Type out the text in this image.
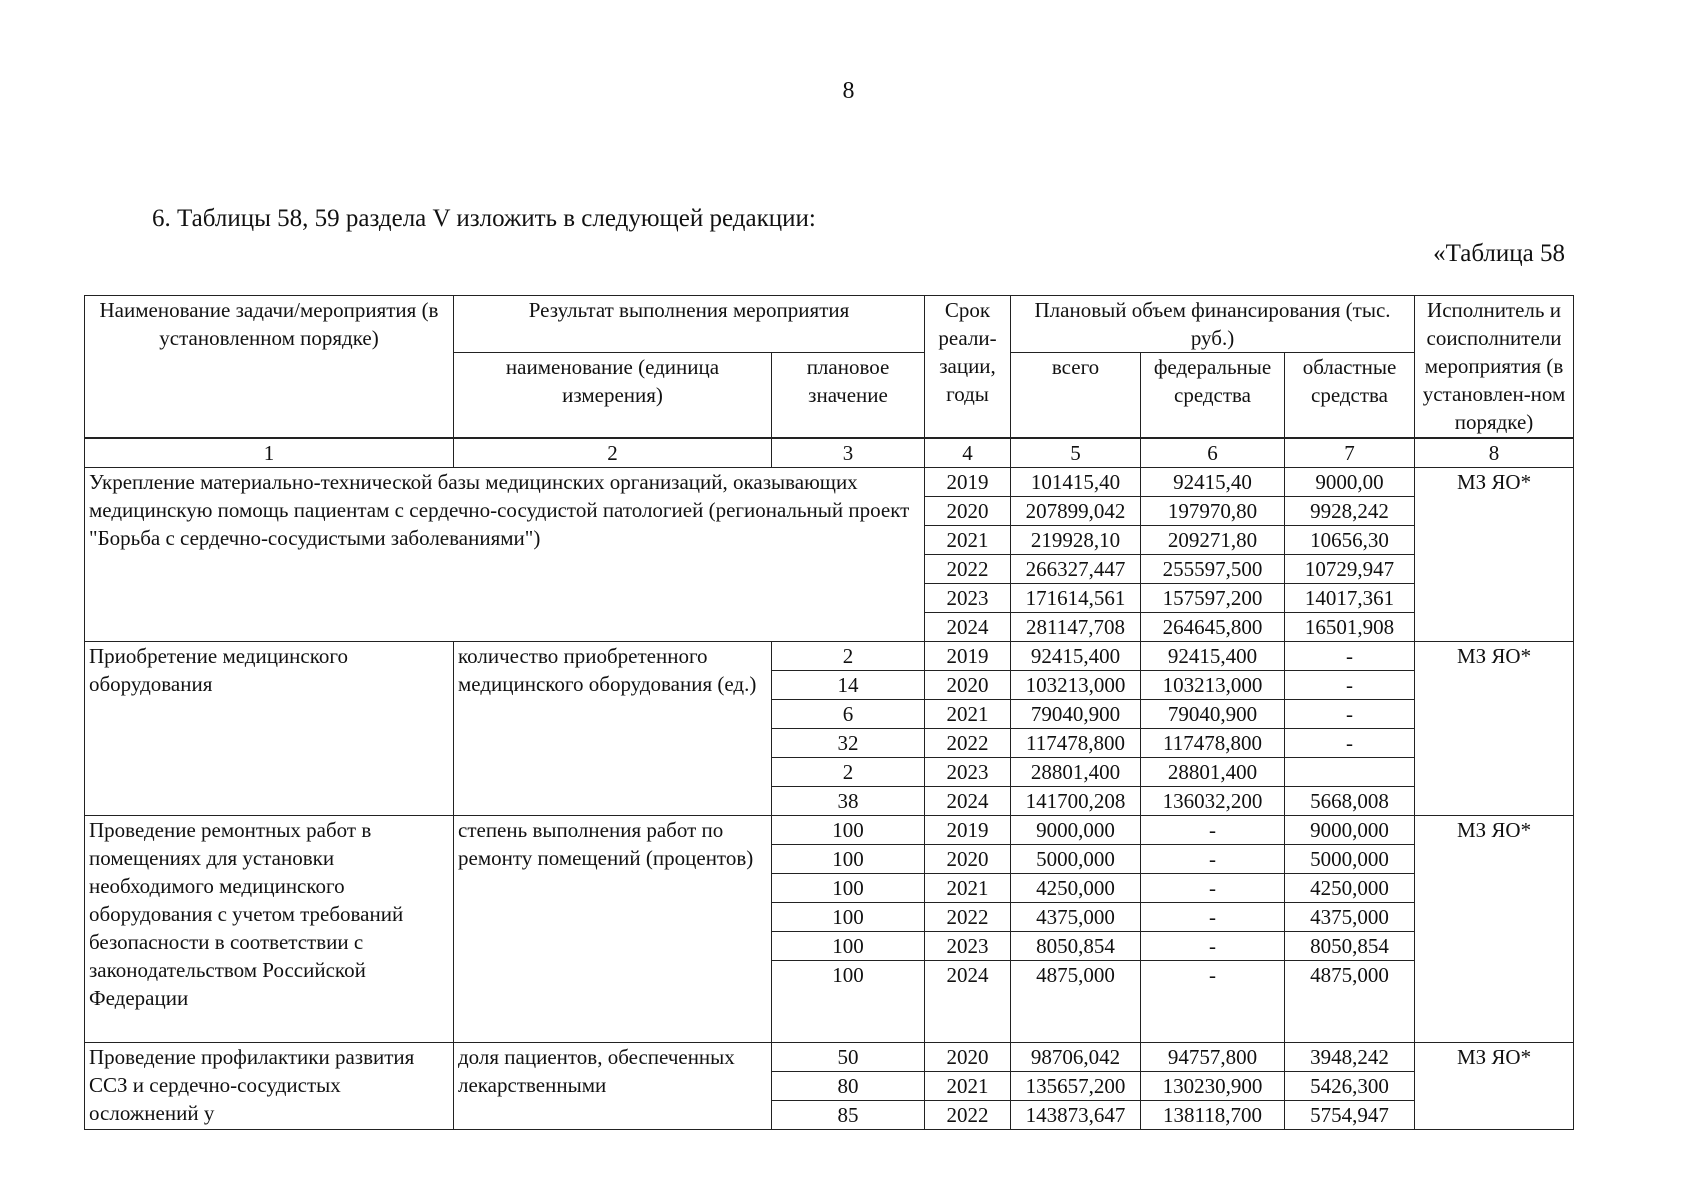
8
6. Таблицы 58, 59 раздела V изложить в следующей редакции:
«Таблица 58
Наименование задачи/мероприятия (в установленном порядке)	Результат выполнения мероприятия		Срок реали-зации, годы	Плановый объем финансирования (тыс. руб.)			Исполнитель и соисполнители мероприятия (в установлен-ном порядке)
	наименование (единица измерения)	плановое значение		всего	федеральные средства	областные средства	
1	2	3	4	5	6	7	8
Укрепление материально-технической базы медицинских организаций, оказывающих медицинскую помощь пациентам с сердечно-сосудистой патологией (региональный проект "Борьба с сердечно-сосудистыми заболеваниями")			2019	101415,40	92415,40	9000,00	МЗ ЯО*
			2020	207899,042	197970,80	9928,242	
			2021	219928,10	209271,80	10656,30	
			2022	266327,447	255597,500	10729,947	
			2023	171614,561	157597,200	14017,361	
			2024	281147,708	264645,800	16501,908	
Приобретение медицинского оборудования	количество приобретенного медицинского оборудования (ед.)	2	2019	92415,400	92415,400	-	МЗ ЯО*
		14	2020	103213,000	103213,000	-	
		6	2021	79040,900	79040,900	-	
		32	2022	117478,800	117478,800	-	
		2	2023	28801,400	28801,400		
		38	2024	141700,208	136032,200	5668,008	
Проведение ремонтных работ в помещениях для установки необходимого медицинского оборудования с учетом требований безопасности в соответствии с законодательством Российской Федерации	степень выполнения работ по ремонту помещений (процентов)	100	2019	9000,000	-	9000,000	МЗ ЯО*
		100	2020	5000,000	-	5000,000	
		100	2021	4250,000	-	4250,000	
		100	2022	4375,000	-	4375,000	
		100	2023	8050,854	-	8050,854	
		100	2024	4875,000	-	4875,000	
Проведение профилактики развития ССЗ и сердечно-сосудистых осложнений у	доля пациентов, обеспеченных лекарственными	50	2020	98706,042	94757,800	3948,242	МЗ ЯО*
		80	2021	135657,200	130230,900	5426,300	
		85	2022	143873,647	138118,700	5754,947	
